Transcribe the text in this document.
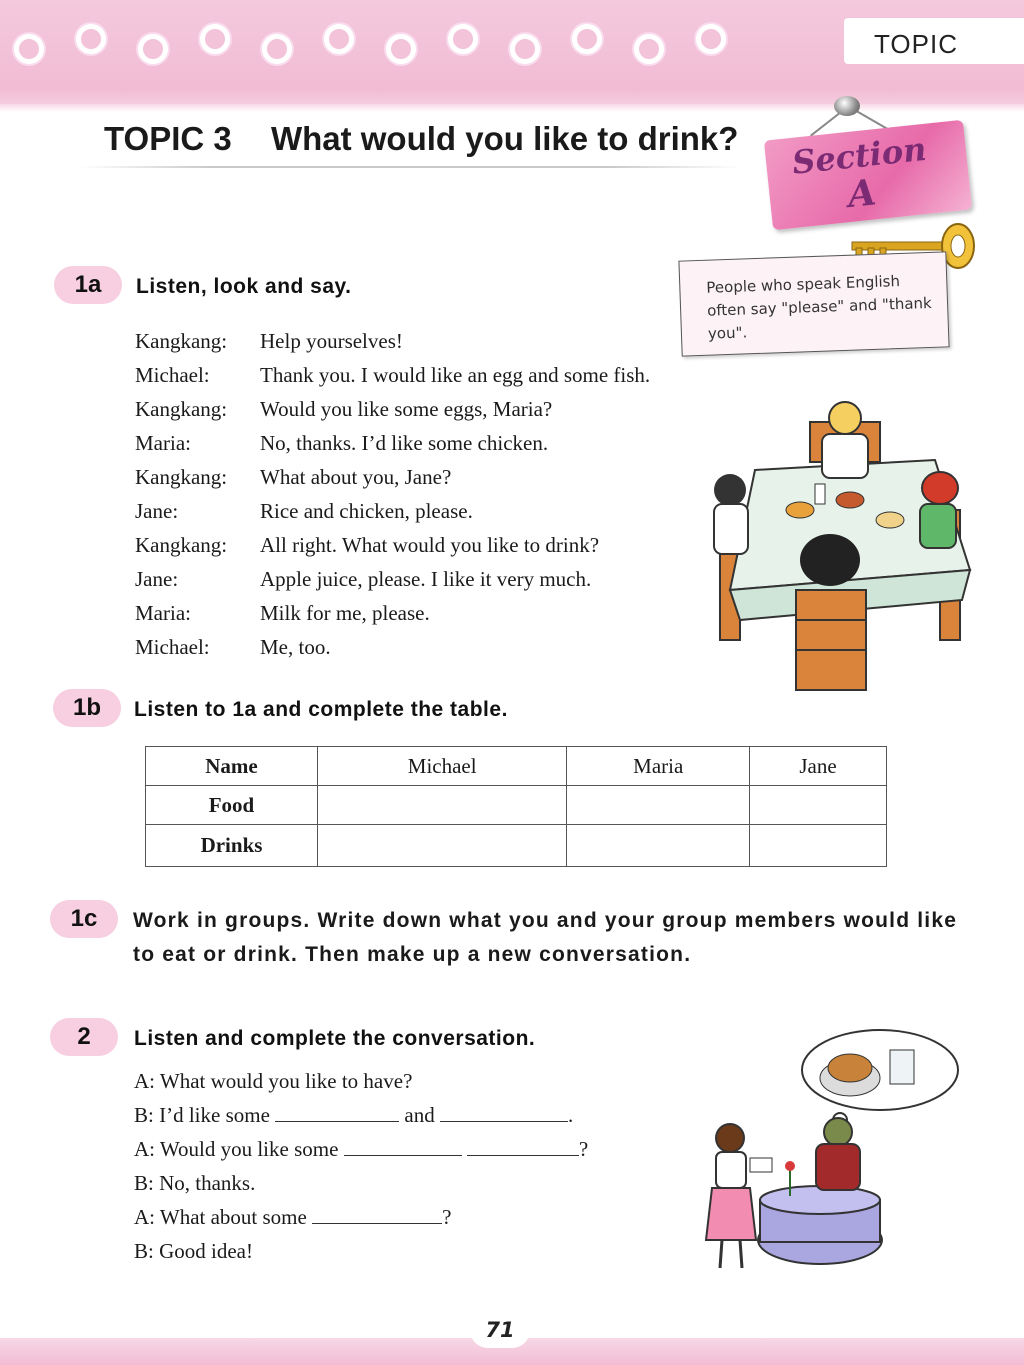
TOPIC
TOPIC 3 What would you like to drink? Section
A
People who speak English often say "please" and "thank you".
1a	Listen, look and say.
Kangkang: Help yourselves!
Michael: Thank you. I would like an egg and some fish.
Kangkang: Would you like some eggs, Maria?
Maria:	No, thanks. I’d like some chicken.
Kangkang: What about you, Jane?
Jane:	Rice and chicken, please.
Kangkang: All right. What would you like to drink?
Jane:	Apple juice, please. I like it very much.
Maria:	Milk for me, please.
Michael: Me, too.
1b	Listen to 1a and complete the table.
Name	Michael	Maria	Jane
Food			
Drinks			
1c	Work in groups. Write down what you and your group members would like to eat or drink. Then make up a new conversation.
2	Listen and complete the conversation.
A: What would you like to have?
B: I’d like some	and	.
A: Would you like some	?
B: No, thanks.
A: What about some	?
B: Good idea!
71
